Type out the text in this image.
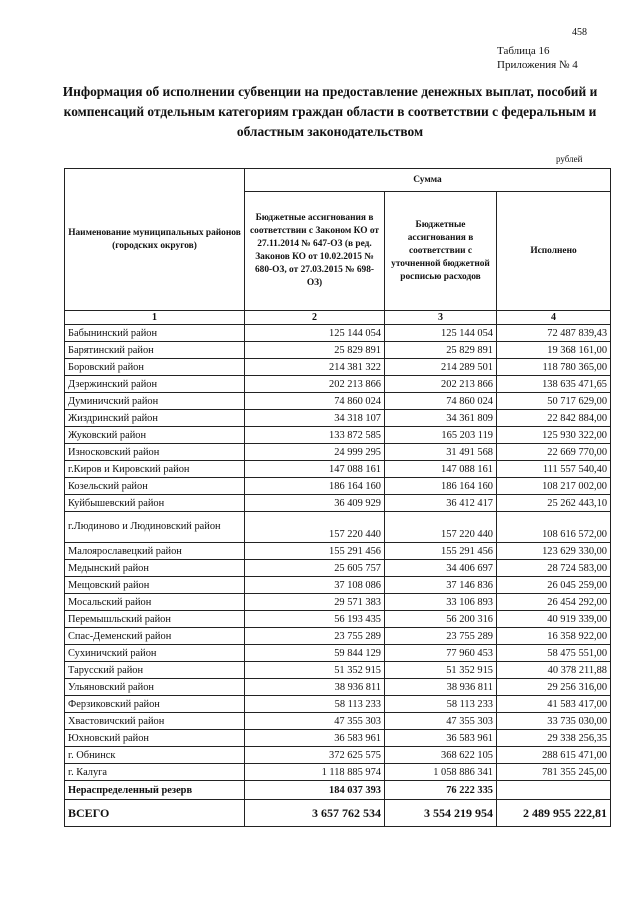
458
Таблица 16
Приложения № 4
Информация об исполнении субвенции на предоставление денежных выплат, пособий и компенсаций отдельным категориям граждан области в соответствии с федеральным и областным законодательством
рублей
Наименование муниципальных районов (городских округов)	Сумма		
	Бюджетные ассигнования в соответствии с Законом КО от 27.11.2014 № 647-ОЗ (в ред. Законов КО от 10.02.2015 № 680-ОЗ, от 27.03.2015 № 698-ОЗ)	Бюджетные ассигнования в соответствии с уточненной бюджетной росписью расходов	Исполнено
1	2	3	4
Бабынинский район	125 144 054	125 144 054	72 487 839,43
Барятинский район	25 829 891	25 829 891	19 368 161,00
Боровский район	214 381 322	214 289 501	118 780 365,00
Дзержинский район	202 213 866	202 213 866	138 635 471,65
Думиничский район	74 860 024	74 860 024	50 717 629,00
Жиздринский район	34 318 107	34 361 809	22 842 884,00
Жуковский район	133 872 585	165 203 119	125 930 322,00
Износковский район	24 999 295	31 491 568	22 669 770,00
г.Киров и Кировский район	147 088 161	147 088 161	111 557 540,40
Козельский район	186 164 160	186 164 160	108 217 002,00
Куйбышевский район	36 409 929	36 412 417	25 262 443,10
г.Людиново и Людиновский район	157 220 440	157 220 440	108 616 572,00
Малоярославецкий район	155 291 456	155 291 456	123 629 330,00
Медынский район	25 605 757	34 406 697	28 724 583,00
Мещовский район	37 108 086	37 146 836	26 045 259,00
Мосальский район	29 571 383	33 106 893	26 454 292,00
Перемышльский район	56 193 435	56 200 316	40 919 339,00
Спас-Деменский район	23 755 289	23 755 289	16 358 922,00
Сухиничский район	59 844 129	77 960 453	58 475 551,00
Тарусский район	51 352 915	51 352 915	40 378 211,88
Ульяновский район	38 936 811	38 936 811	29 256 316,00
Ферзиковский район	58 113 233	58 113 233	41 583 417,00
Хвастовичский район	47 355 303	47 355 303	33 735 030,00
Юхновский район	36 583 961	36 583 961	29 338 256,35
г. Обнинск	372 625 575	368 622 105	288 615 471,00
г. Калуга	1 118 885 974	1 058 886 341	781 355 245,00
Нераспределенный резерв	184 037 393	76 222 335	
ВСЕГО	3 657 762 534	3 554 219 954	2 489 955 222,81
